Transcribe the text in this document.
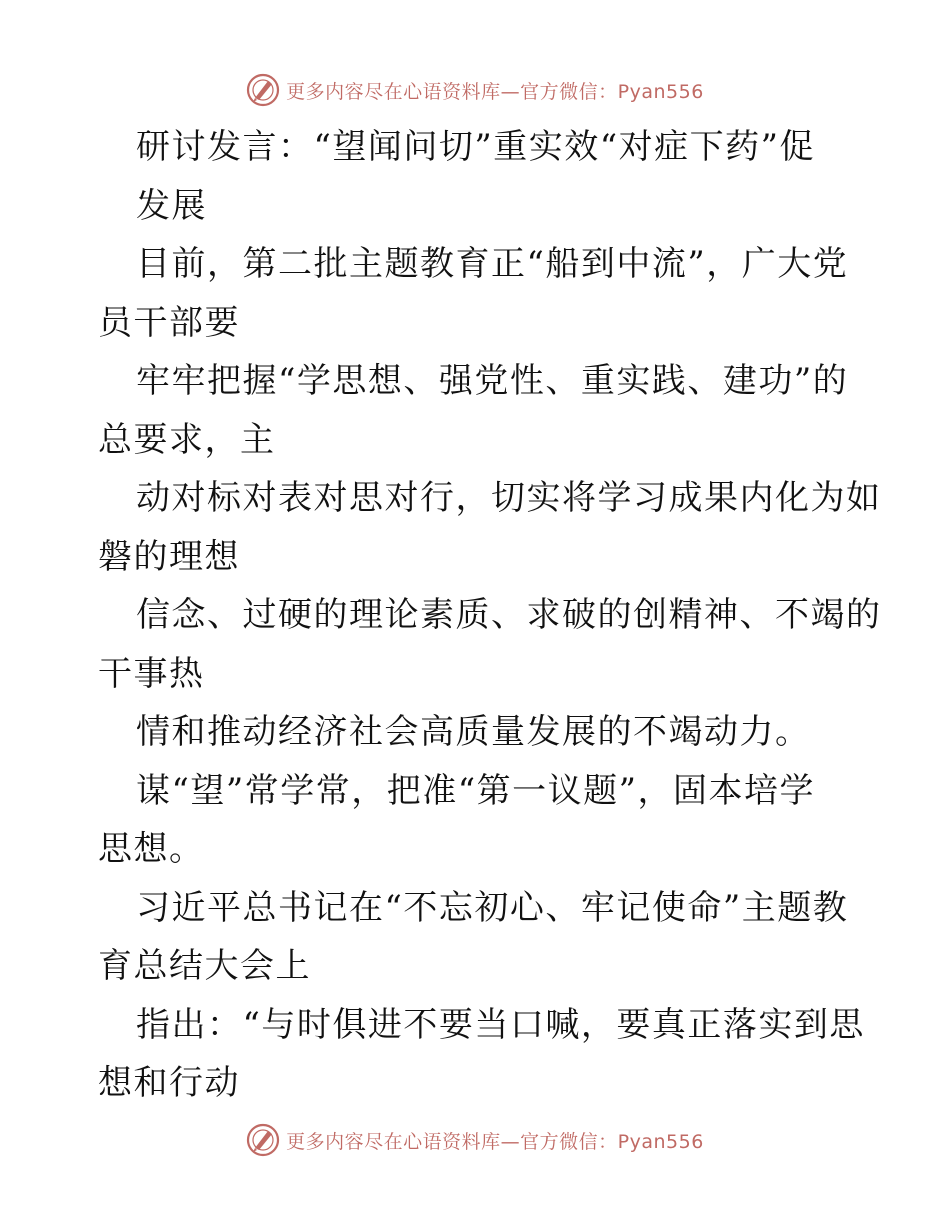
更多内容尽在心语资料库—官方微信：Pyan556
研讨发言：“望闻问切”重实效“对症下药”促
发展
目前，第二批主题教育正“船到中流”，广大党
员干部要
牢牢把握“学思想、强党性、重实践、建功”的
总要求，主
动对标对表对思对行，切实将学习成果内化为如
磐的理想
信念、过硬的理论素质、求破的创精神、不竭的
干事热
情和推动经济社会高质量发展的不竭动力。
谋“望”常学常，把准“第一议题”，固本培学
思想。
习近平总书记在“不忘初心、牢记使命”主题教
育总结大会上
指出：“与时俱进不要当口喊，要真正落实到思
想和行动
更多内容尽在心语资料库—官方微信：Pyan556
